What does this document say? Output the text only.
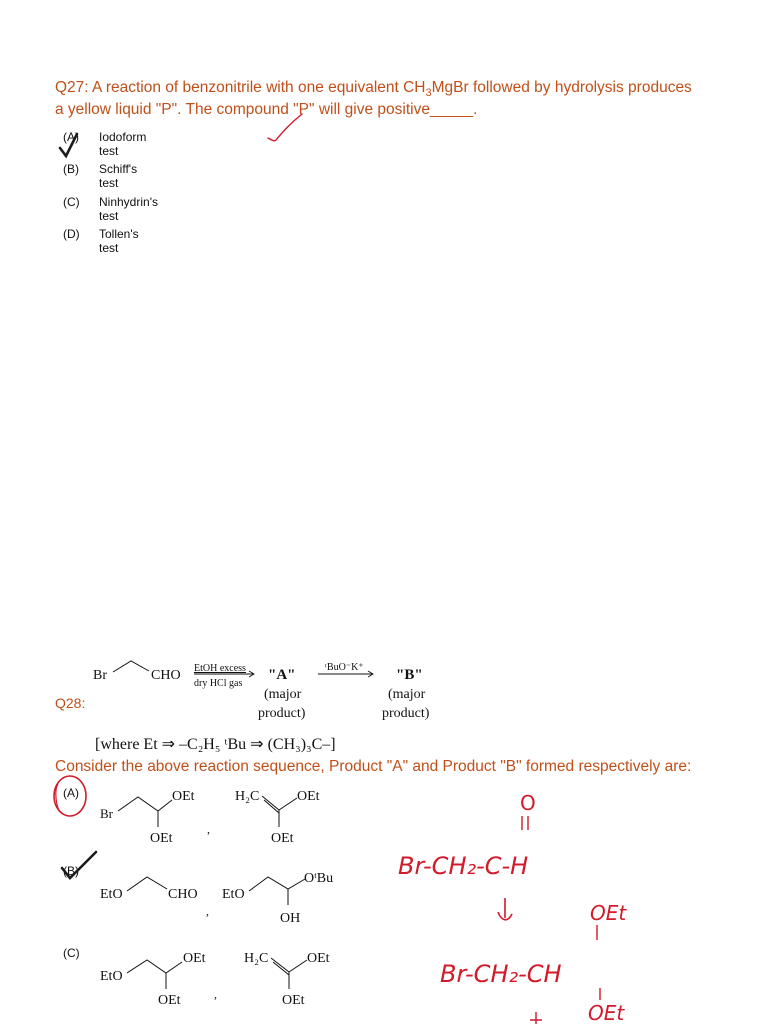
Q27: A reaction of benzonitrile with one equivalent $CH_3MgBr$ followed by hydrolysis produces
a yellow liquid "P". The compound "P" will give positive_____.
(A) Iodoform test
(B) Schiff's test
(C) Ninhydrin's test
(D) Tollen's test
Br	CHO EtOH excess
dry HCl gas
"A"
(major
product)
ᵗBuO⁻K⁺ "B"
(major
product)
[where Et ⇒ –C₂H₅ ᵗBu ⇒ (CH₃)₃C–]
Br
OEt
OEt
,
H₂C	OEt
OEt
EtO	CHO
,
EtO
OᵗBu
OH
EtO
OEt
OEt	,
H₂C	OEt
OEt
Q28:
Consider the above reaction sequence, Product "A" and Product "B" formed respectively are:
(A)
(B)
(C)
O
Br-CH₂-C-H
OEt
Br-CH₂-CH
OEt
